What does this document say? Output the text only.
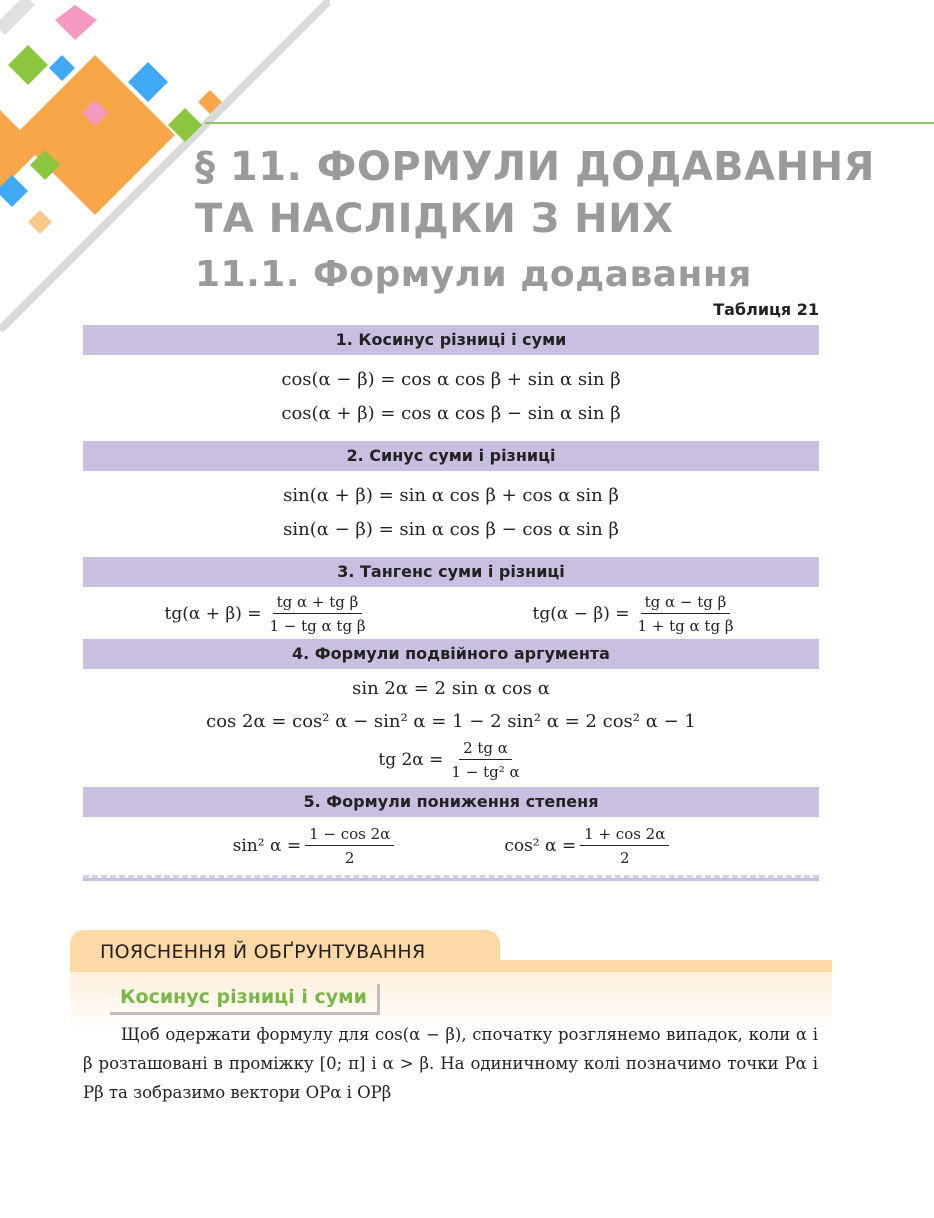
§ 11. ФОРМУЛИ ДОДАВАННЯ
ТА НАСЛІДКИ З НИХ
11.1. Формули додавання
Таблиця 21
1. Косинус різниці і суми
cos(α − β) = cos α cos β + sin α sin β
cos(α + β) = cos α cos β − sin α sin β
2. Синус суми і різниці
sin(α + β) = sin α cos β + cos α sin β
sin(α − β) = sin α cos β − cos α sin β
3. Тангенс суми і різниці
$tg(\alpha + \beta) = \frac{\text{tg α + tg β}}{\text{1 − tg α tg β}}$	$tg(\alpha - \beta) = \frac{\text{tg α − tg β}}{\text{1 + tg α tg β}}$
4. Формули подвійного аргумента
sin 2α = 2 sin α cos α
cos 2α = cos² α − sin² α = 1 − 2 sin² α = 2 cos² α − 1
tg $2\alpha = \frac{\text{2 tg α}}{\text{1 − tg² α}}$
5. Формули пониження степеня
sin² $\alpha = \frac{1 - \cos 2\alpha}{2}$	cos² $\alpha = \frac{1 + \cos 2\alpha}{2}$
ПОЯСНЕННЯ Й ОБҐРУНТУВАННЯ
Косинус різниці і суми

Щоб одержати формулу для cos(α − β), спочатку розглянемо випадок, коли α і β розташовані в проміжку [0; π] і α > β. На одиничному колі позначимо точки Pα і Pβ та зобразимо вектори OPα і OPβ
